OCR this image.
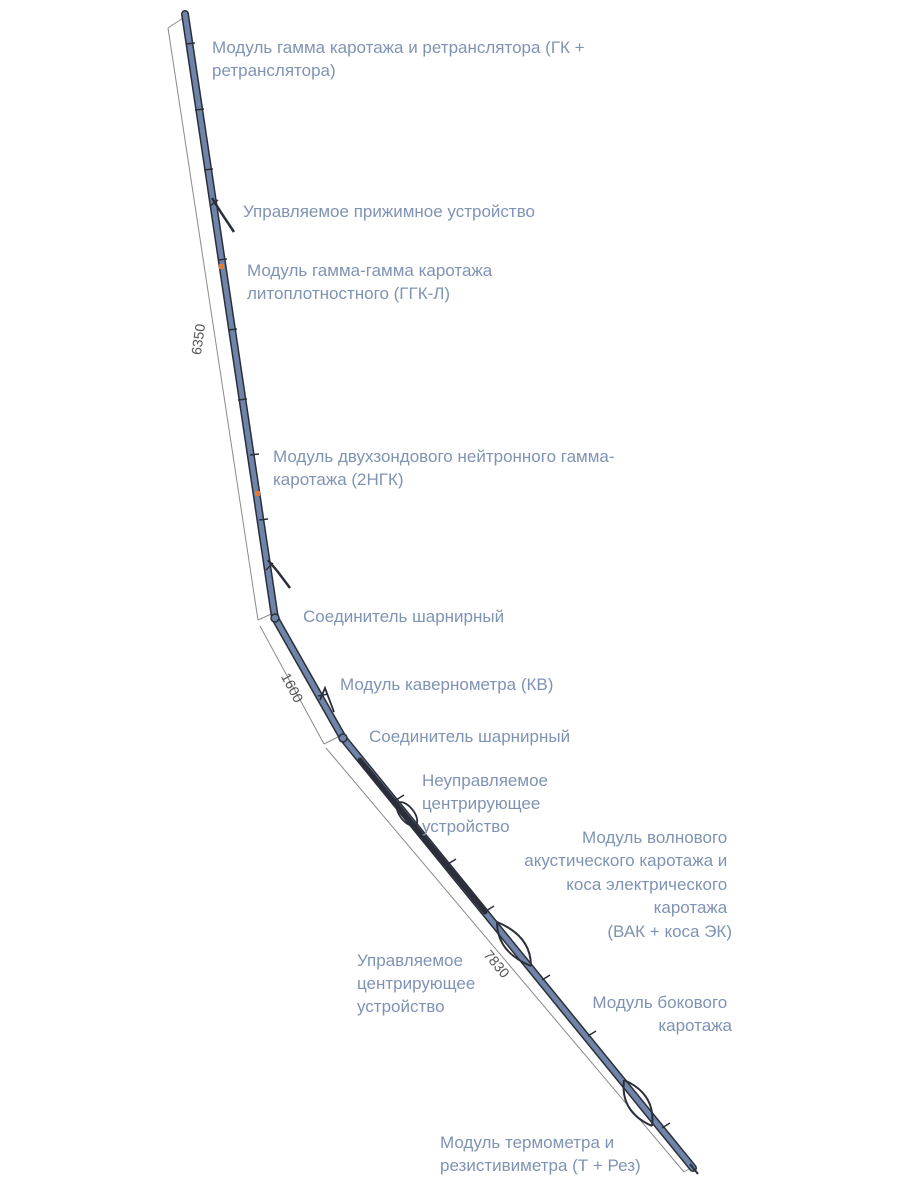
6350
1600
7830
Модуль гамма каротажа и ретранслятора (ГК + ретранслятора)
Управляемое прижимное устройство
Модуль гамма-гамма каротажа литоплотностного (ГГК-Л)
Модуль двухзондового нейтронного гамма- каротажа (2НГК)
Соединитель шарнирный
Модуль кавернометра (КВ)
Соединитель шарнирный
Неуправляемое центрирующее устройство
Модуль волнового акустического каротажа и коса электрического каротажа (ВАК + коса ЭК)
Управляемое центрирующее устройство	Модуль бокового каротажа
Модуль термометра и резистивиметра (Т + Рез)
